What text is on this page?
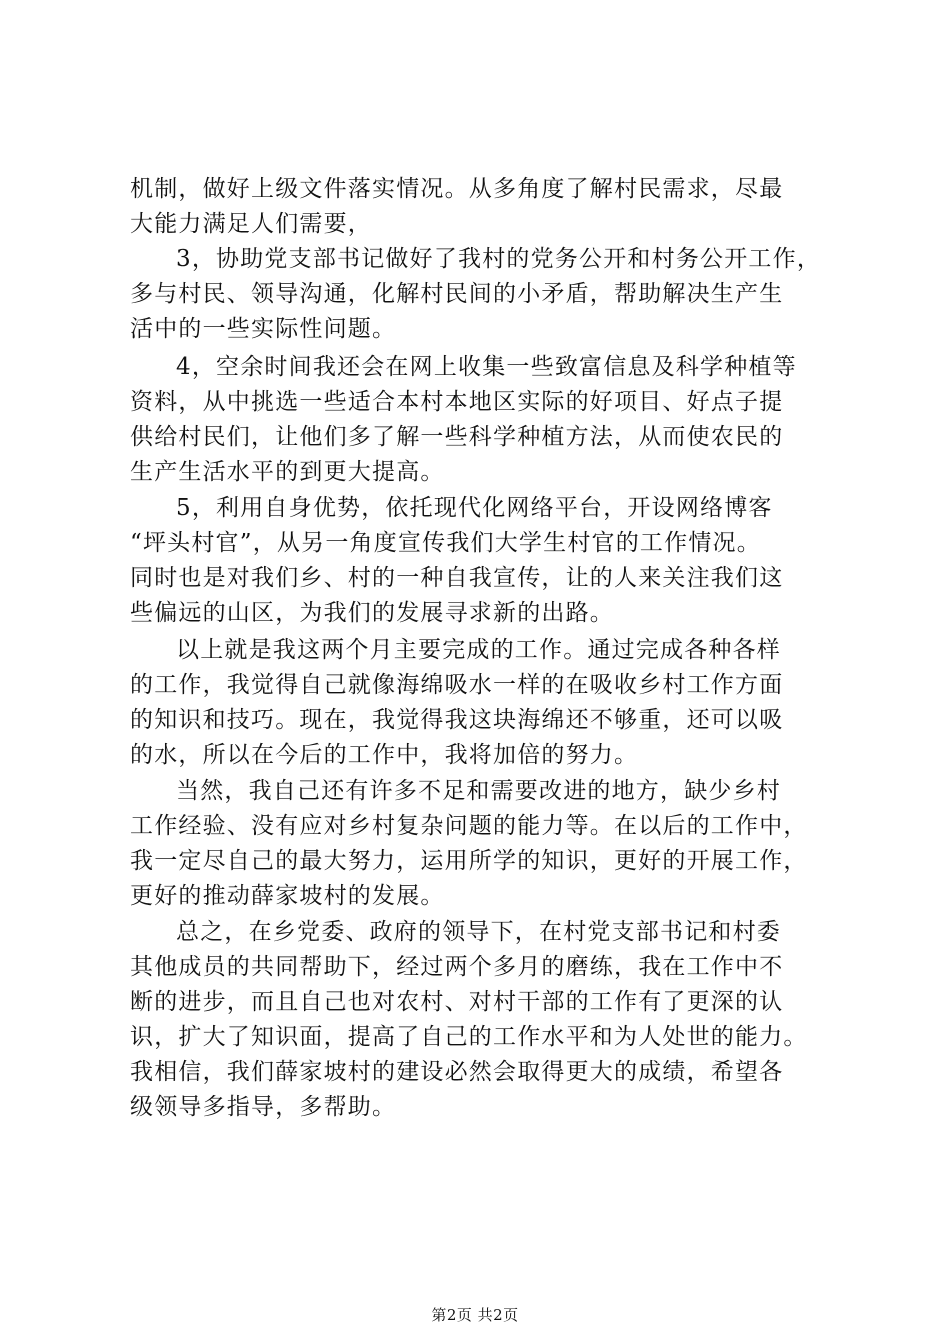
机制，做好上级文件落实情况。从多角度了解村民需求，尽最
大能力满足人们需要，
3，协助党支部书记做好了我村的党务公开和村务公开工作，
多与村民、领导沟通，化解村民间的小矛盾，帮助解决生产生
活中的一些实际性问题。
4，空余时间我还会在网上收集一些致富信息及科学种植等
资料，从中挑选一些适合本村本地区实际的好项目、好点子提
供给村民们，让他们多了解一些科学种植方法，从而使农民的
生产生活水平的到更大提高。
5，利用自身优势，依托现代化网络平台，开设网络博客
“坪头村官”，从另一角度宣传我们大学生村官的工作情况。
同时也是对我们乡、村的一种自我宣传，让的人来关注我们这
些偏远的山区，为我们的发展寻求新的出路。
以上就是我这两个月主要完成的工作。通过完成各种各样
的工作，我觉得自己就像海绵吸水一样的在吸收乡村工作方面
的知识和技巧。现在，我觉得我这块海绵还不够重，还可以吸
的水，所以在今后的工作中，我将加倍的努力。
当然，我自己还有许多不足和需要改进的地方，缺少乡村
工作经验、没有应对乡村复杂问题的能力等。在以后的工作中，
我一定尽自己的最大努力，运用所学的知识，更好的开展工作，
更好的推动薛家坡村的发展。
总之，在乡党委、政府的领导下，在村党支部书记和村委
其他成员的共同帮助下，经过两个多月的磨练，我在工作中不
断的进步，而且自己也对农村、对村干部的工作有了更深的认
识，扩大了知识面，提高了自己的工作水平和为人处世的能力。
我相信，我们薛家坡村的建设必然会取得更大的成绩，希望各
级领导多指导，多帮助。
第2页 共2页
